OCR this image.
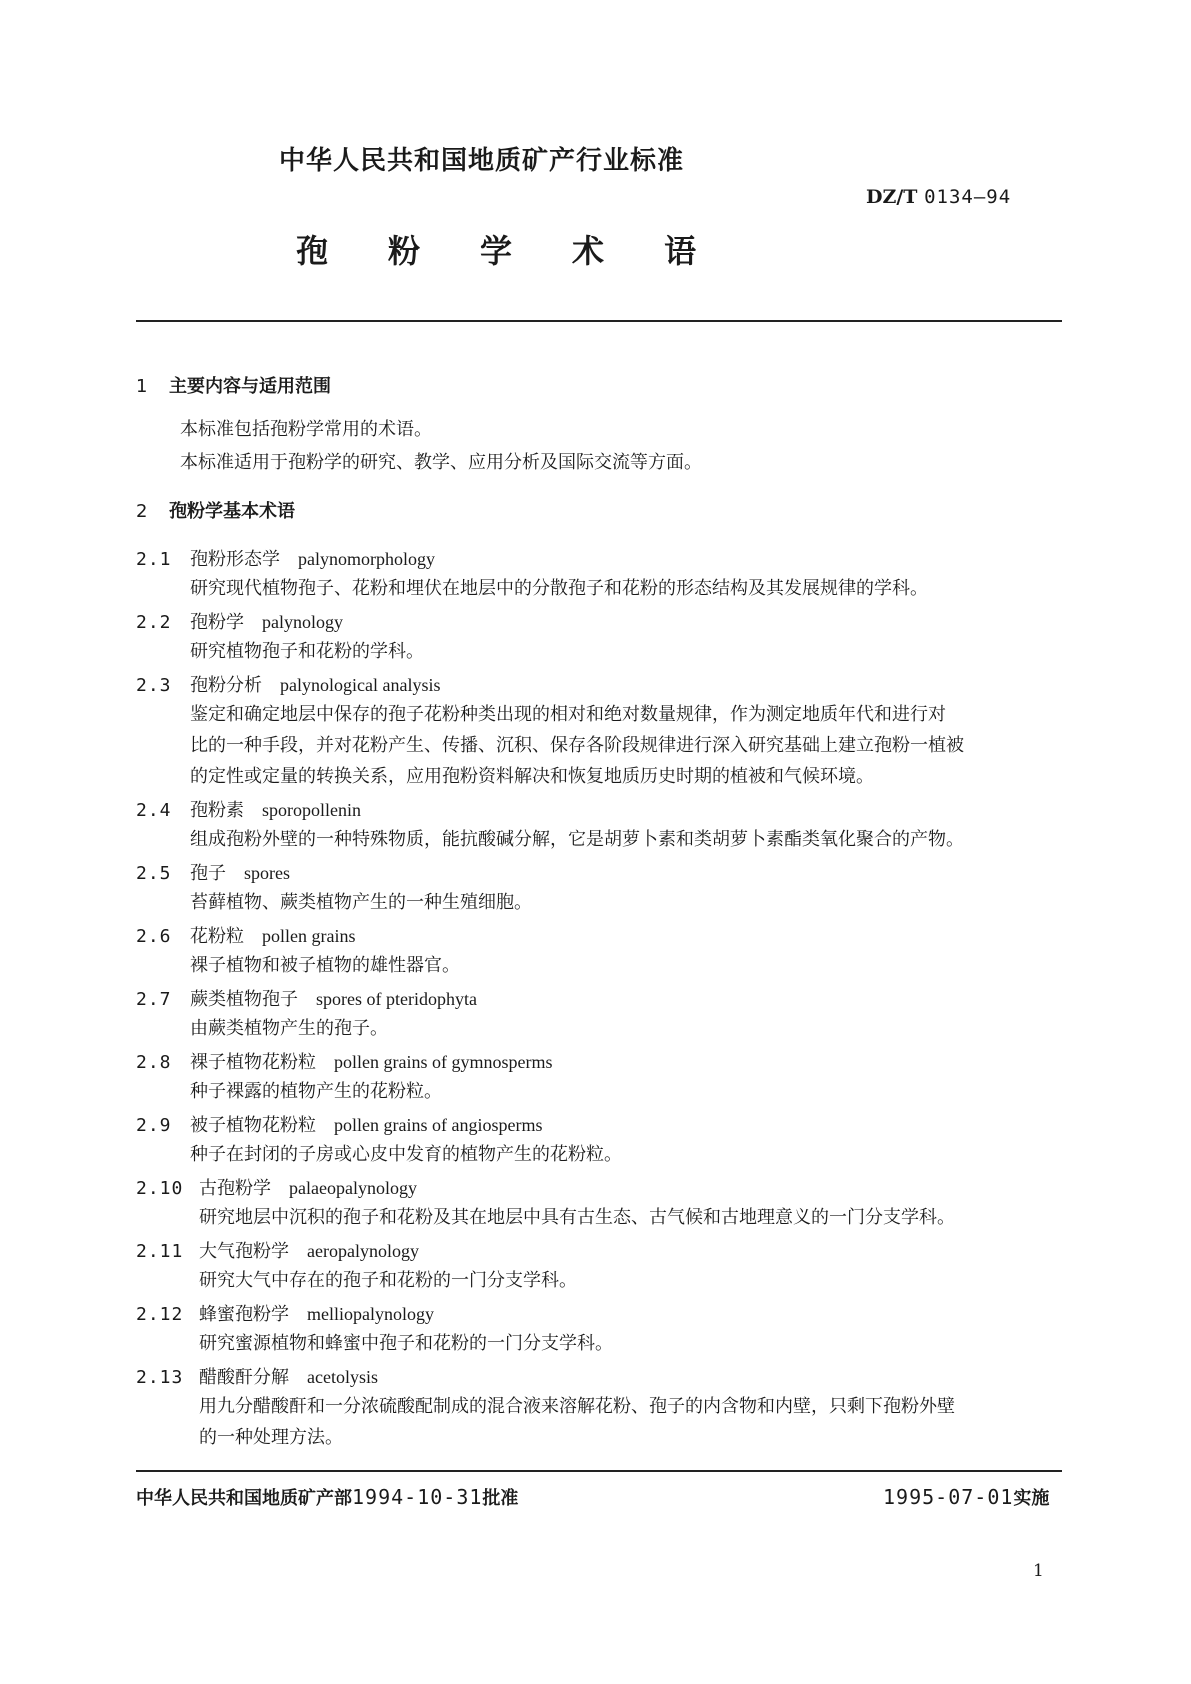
中华人民共和国地质矿产行业标准
DZ/T 0134—94
孢 粉 学 术 语
1 主要内容与适用范围
本标准包括孢粉学常用的术语。
本标准适用于孢粉学的研究、教学、应用分析及国际交流等方面。
2 孢粉学基本术语
2.1 孢粉形态学 palynomorphology
研究现代植物孢子、花粉和埋伏在地层中的分散孢子和花粉的形态结构及其发展规律的学科。
2.2 孢粉学 palynology
研究植物孢子和花粉的学科。
2.3 孢粉分析 palynological analysis
鉴定和确定地层中保存的孢子花粉种类出现的相对和绝对数量规律，作为测定地质年代和进行对
比的一种手段，并对花粉产生、传播、沉积、保存各阶段规律进行深入研究基础上建立孢粉一植被
的定性或定量的转换关系，应用孢粉资料解决和恢复地质历史时期的植被和气候环境。
2.4 孢粉素 sporopollenin
组成孢粉外壁的一种特殊物质，能抗酸碱分解，它是胡萝卜素和类胡萝卜素酯类氧化聚合的产物。
2.5 孢子 spores
苔藓植物、蕨类植物产生的一种生殖细胞。
2.6 花粉粒 pollen grains
裸子植物和被子植物的雄性器官。
2.7 蕨类植物孢子 spores of pteridophyta
由蕨类植物产生的孢子。
2.8 裸子植物花粉粒 pollen grains of gymnosperms
种子裸露的植物产生的花粉粒。
2.9 被子植物花粉粒 pollen grains of angiosperms
种子在封闭的子房或心皮中发育的植物产生的花粉粒。
2.10 古孢粉学 palaeopalynology
研究地层中沉积的孢子和花粉及其在地层中具有古生态、古气候和古地理意义的一门分支学科。
2.11 大气孢粉学 aeropalynology
研究大气中存在的孢子和花粉的一门分支学科。
2.12 蜂蜜孢粉学 melliopalynology
研究蜜源植物和蜂蜜中孢子和花粉的一门分支学科。
2.13 醋酸酐分解 acetolysis
用九分醋酸酐和一分浓硫酸配制成的混合液来溶解花粉、孢子的内含物和内壁，只剩下孢粉外壁
的一种处理方法。
中华人民共和国地质矿产部1994-10-31批准	1995-07-01实施
1
